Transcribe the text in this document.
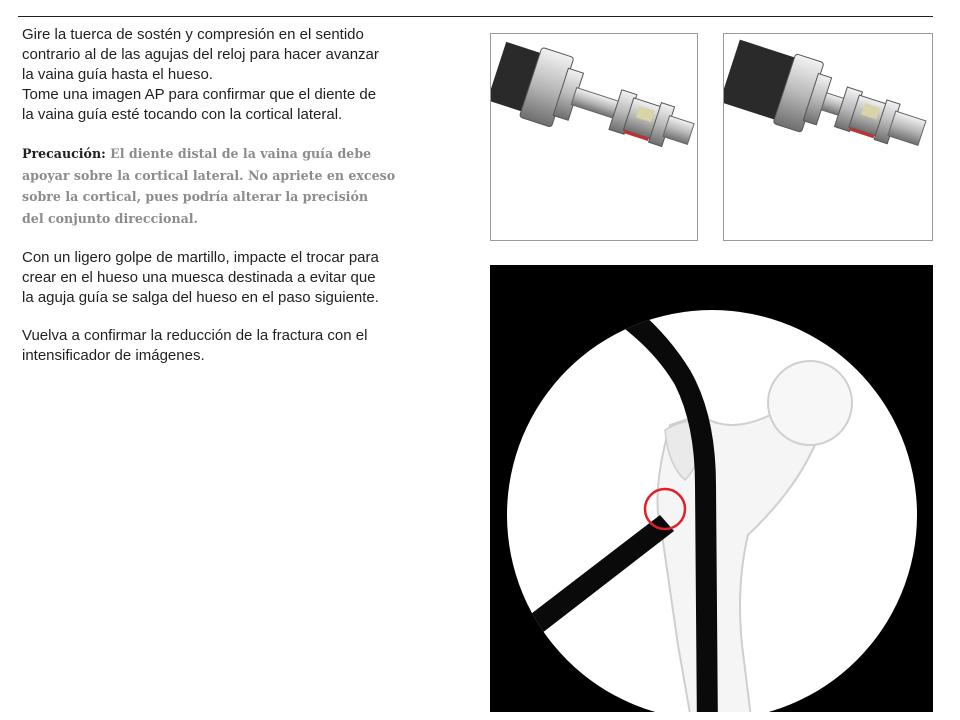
Gire la tuerca de sostén y compresión en el sentido
contrario al de las agujas del reloj para hacer avanzar
la vaina guía hasta el hueso.
Tome una imagen AP para confirmar que el diente de
la vaina guía esté tocando con la cortical lateral.

Precaución: El diente distal de la vaina guía debe
apoyar sobre la cortical lateral. No apriete en exceso
sobre la cortical, pues podría alterar la precisión
del conjunto direccional.

Con un ligero golpe de martillo, impacte el trocar para
crear en el hueso una muesca destinada a evitar que
la aguja guía se salga del hueso en el paso siguiente.

Vuelva a confirmar la reducción de la fractura con el
intensificador de imágenes.
